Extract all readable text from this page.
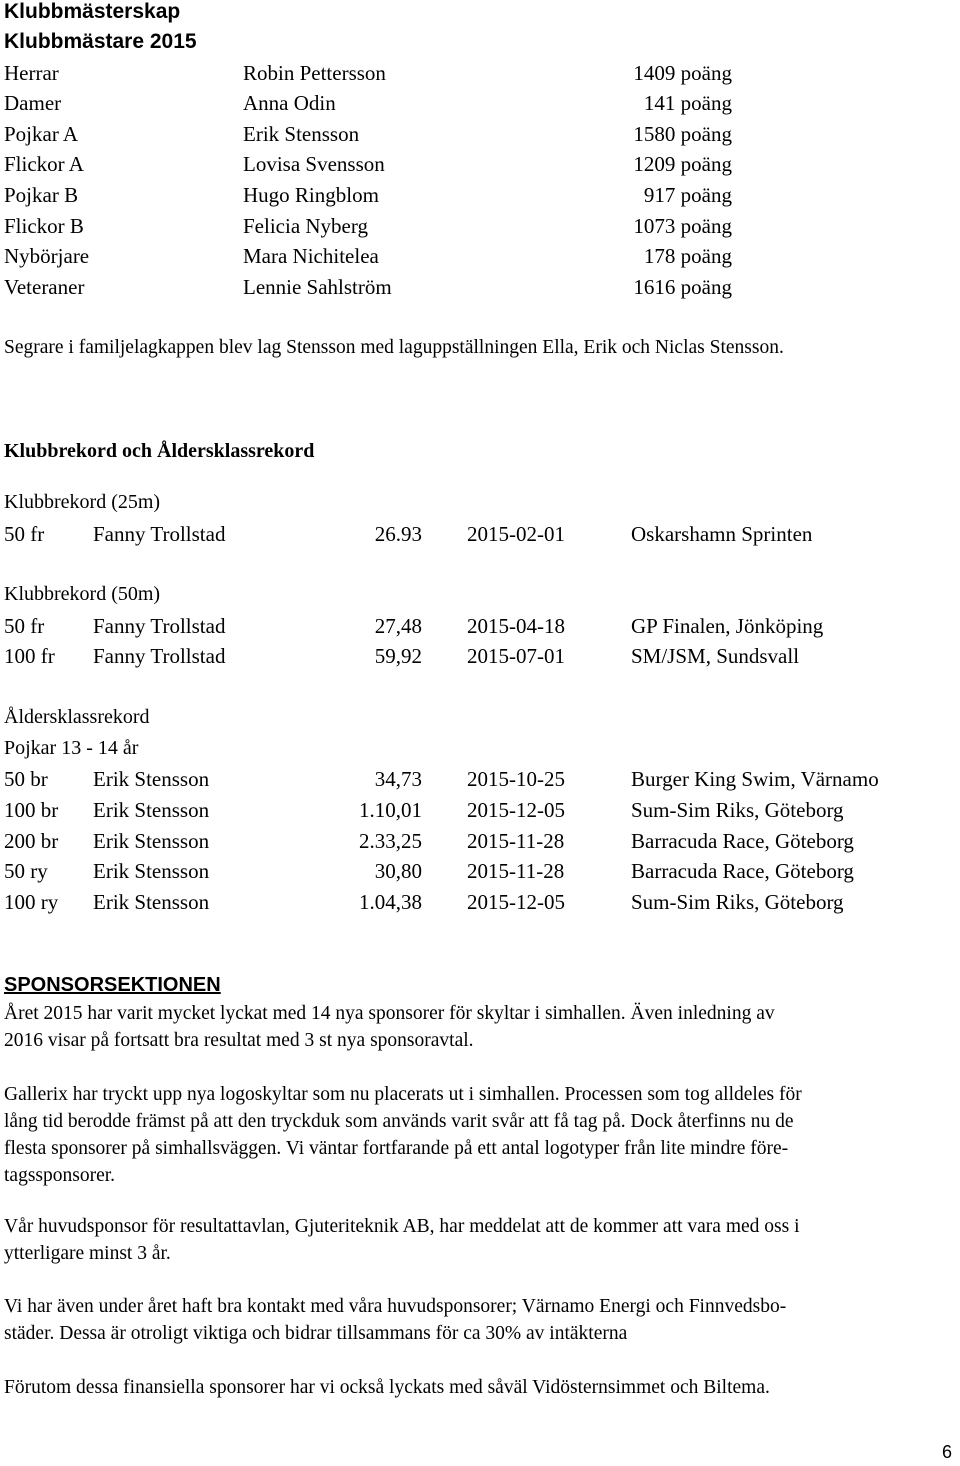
Klubbmästerskap
Klubbmästare 2015
Herrar	Robin Pettersson	1409 poäng
Damer	Anna Odin	141 poäng
Pojkar A	Erik Stensson	1580 poäng
Flickor A	Lovisa Svensson	1209 poäng
Pojkar B	Hugo Ringblom	917 poäng
Flickor B	Felicia Nyberg	1073 poäng
Nybörjare	Mara Nichitelea	178 poäng
Veteraner	Lennie Sahlström	1616 poäng
Segrare i familjelagkappen blev lag Stensson med laguppställningen Ella, Erik och Niclas Stensson.
Klubbrekord och Åldersklassrekord
Klubbrekord (25m)
50 fr Fanny Trollstad	26.93 2015-02-01	Oskarshamn Sprinten
Klubbrekord (50m)
50 fr Fanny Trollstad	27,48 2015-04-18	GP Finalen, Jönköping
100 fr Fanny Trollstad	59,92 2015-07-01	SM/JSM, Sundsvall
Åldersklassrekord
Pojkar 13 - 14 år
50 br Erik Stensson	34,73 2015-10-25	Burger King Swim, Värnamo
100 br Erik Stensson	1.10,01 2015-12-05	Sum-Sim Riks, Göteborg
200 br Erik Stensson	2.33,25 2015-11-28	Barracuda Race, Göteborg
50 ry Erik Stensson	30,80 2015-11-28	Barracuda Race, Göteborg
100 ry Erik Stensson	1.04,38 2015-12-05	Sum-Sim Riks, Göteborg
SPONSORSEKTIONEN
Året 2015 har varit mycket lyckat med 14 nya sponsorer för skyltar i simhallen. Även inledning av
2016 visar på fortsatt bra resultat med 3 st nya sponsoravtal.
Gallerix har tryckt upp nya logoskyltar som nu placerats ut i simhallen. Processen som tog alldeles för
lång tid berodde främst på att den tryckduk som används varit svår att få tag på. Dock återfinns nu de
flesta sponsorer på simhallsväggen. Vi väntar fortfarande på ett antal logotyper från lite mindre före-
tagssponsorer.
Vår huvudsponsor för resultattavlan, Gjuteriteknik AB, har meddelat att de kommer att vara med oss i
ytterligare minst 3 år.
Vi har även under året haft bra kontakt med våra huvudsponsorer; Värnamo Energi och Finnvedsbo-
städer. Dessa är otroligt viktiga och bidrar tillsammans för ca 30% av intäkterna
Förutom dessa finansiella sponsorer har vi också lyckats med såväl Vidösternsimmet och Biltema.
6
